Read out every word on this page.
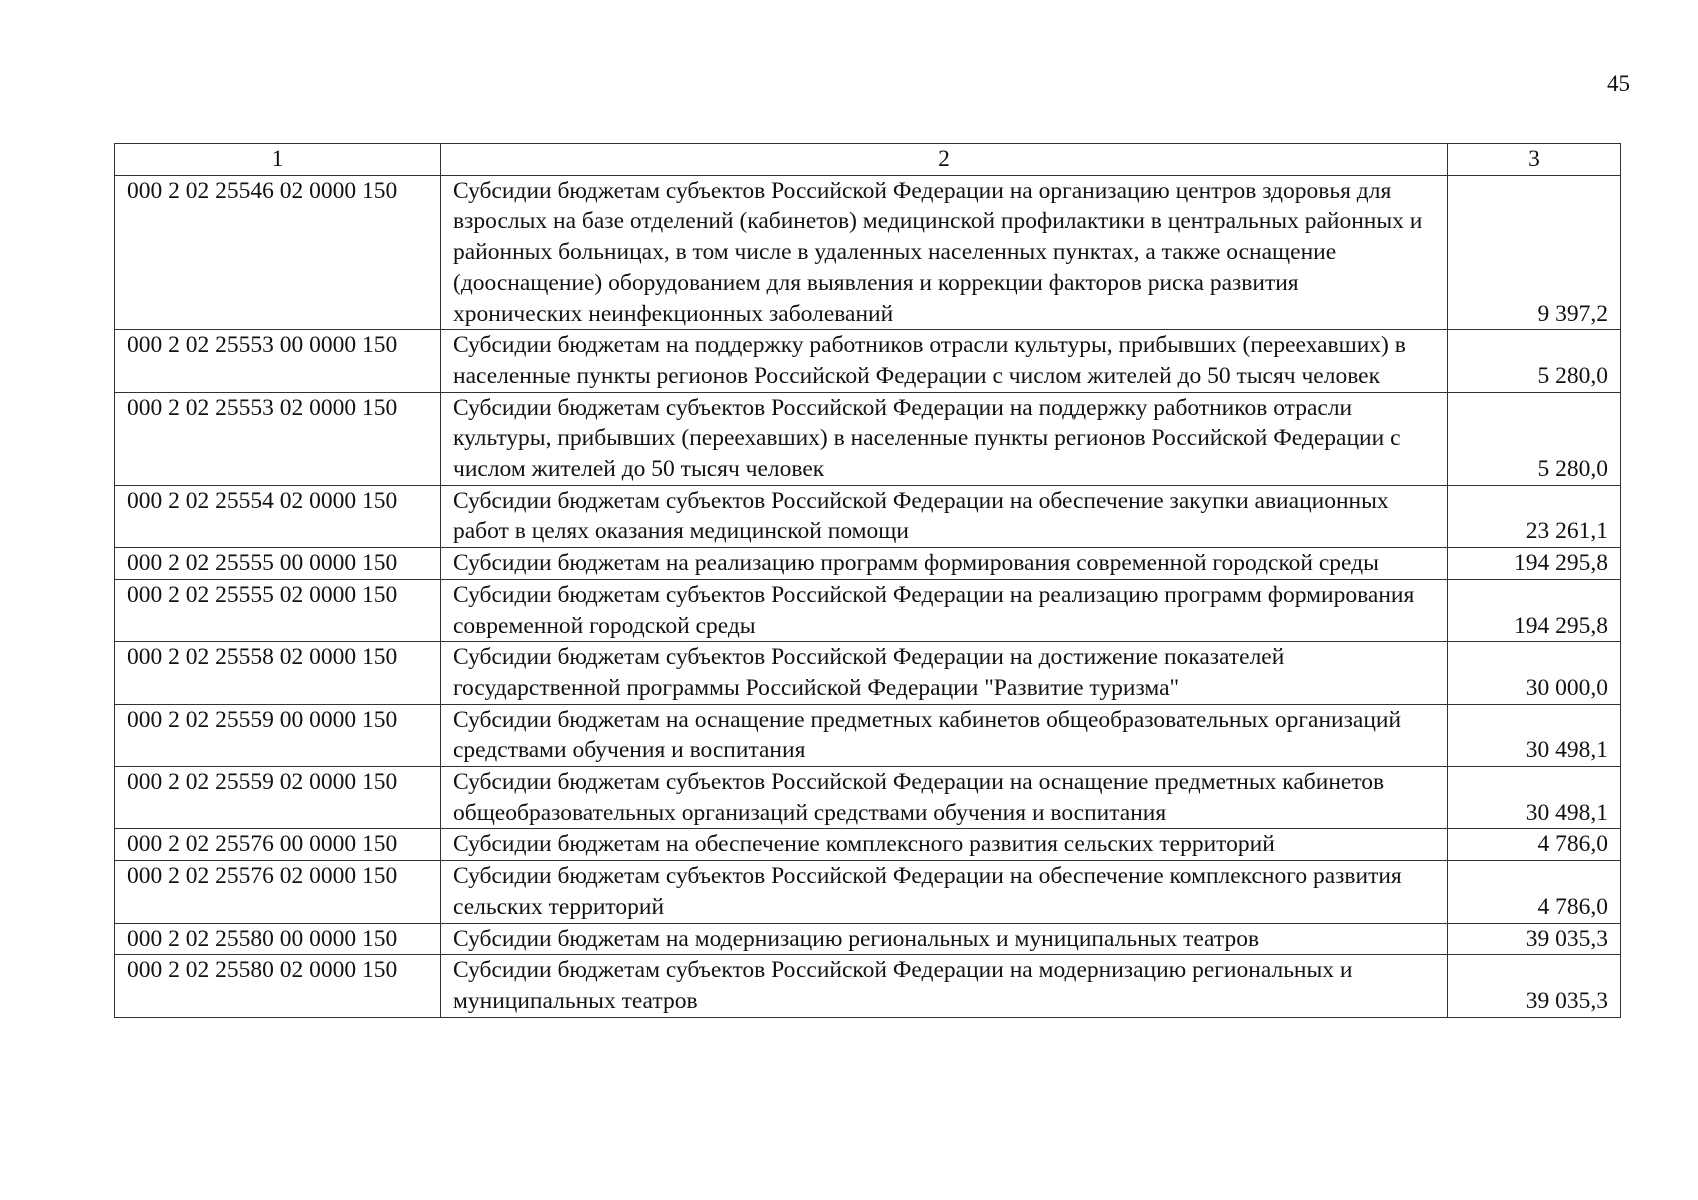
45
1	2	3
000 2 02 25546 02 0000 150	Субсидии бюджетам субъектов Российской Федерации на организацию центров здоровья для взрослых на базе отделений (кабинетов) медицинской профилактики в центральных районных и районных больницах, в том числе в удаленных населенных пунктах, а также оснащение (дооснащение) оборудованием для выявления и коррекции факторов риска развития хронических неинфекционных заболеваний	9 397,2
000 2 02 25553 00 0000 150	Субсидии бюджетам на поддержку работников отрасли культуры, прибывших (переехавших) в населенные пункты регионов Российской Федерации с числом жителей до 50 тысяч человек	5 280,0
000 2 02 25553 02 0000 150	Субсидии бюджетам субъектов Российской Федерации на поддержку работников отрасли культуры, прибывших (переехавших) в населенные пункты регионов Российской Федерации с числом жителей до 50 тысяч человек	5 280,0
000 2 02 25554 02 0000 150	Субсидии бюджетам субъектов Российской Федерации на обеспечение закупки авиационных работ в целях оказания медицинской помощи	23 261,1
000 2 02 25555 00 0000 150	Субсидии бюджетам на реализацию программ формирования современной городской среды	194 295,8
000 2 02 25555 02 0000 150	Субсидии бюджетам субъектов Российской Федерации на реализацию программ формирования современной городской среды	194 295,8
000 2 02 25558 02 0000 150	Субсидии бюджетам субъектов Российской Федерации на достижение показателей государственной программы Российской Федерации "Развитие туризма"	30 000,0
000 2 02 25559 00 0000 150	Субсидии бюджетам на оснащение предметных кабинетов общеобразовательных организаций средствами обучения и воспитания	30 498,1
000 2 02 25559 02 0000 150	Субсидии бюджетам субъектов Российской Федерации на оснащение предметных кабинетов общеобразовательных организаций средствами обучения и воспитания	30 498,1
000 2 02 25576 00 0000 150	Субсидии бюджетам на обеспечение комплексного развития сельских территорий	4 786,0
000 2 02 25576 02 0000 150	Субсидии бюджетам субъектов Российской Федерации на обеспечение комплексного развития сельских территорий	4 786,0
000 2 02 25580 00 0000 150	Субсидии бюджетам на модернизацию региональных и муниципальных театров	39 035,3
000 2 02 25580 02 0000 150	Субсидии бюджетам субъектов Российской Федерации на модернизацию региональных и муниципальных театров	39 035,3
